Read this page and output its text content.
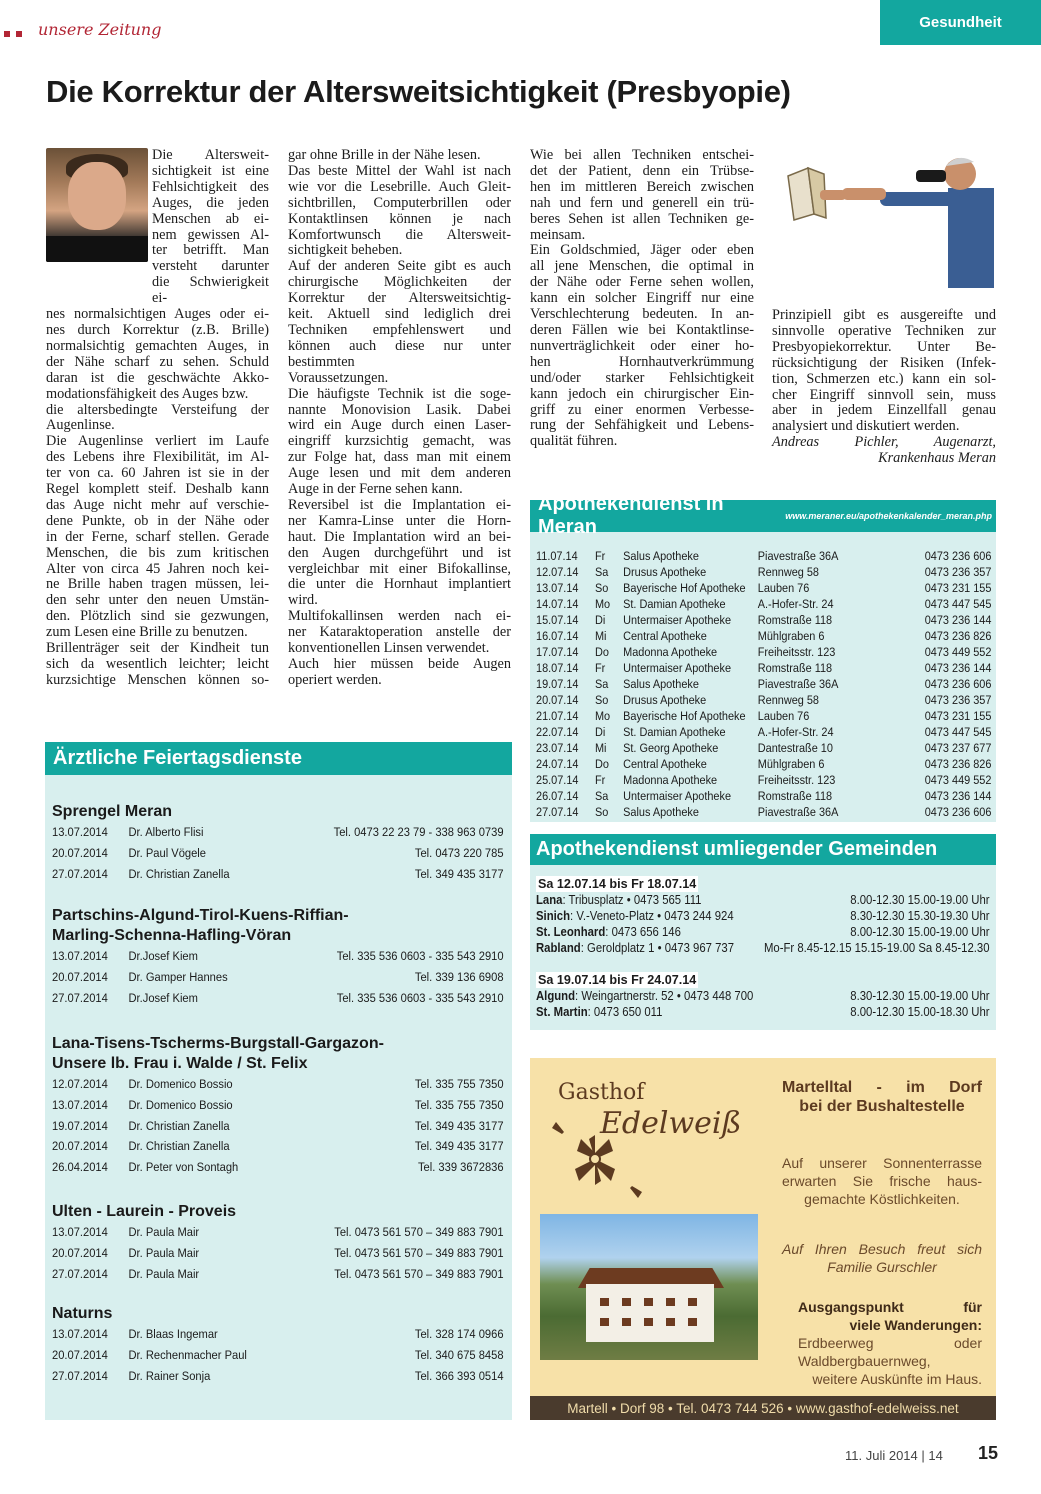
unsere Zeitung	Gesundheit
Die Korrektur der Altersweitsichtigkeit (Presbyopie)
Die Altersweit-
sichtigkeit ist eine
Fehlsichtigkeit des
Auges, die jeden
Menschen ab ei-
nem gewissen Al-
ter betrifft. Man
versteht darunter
die Schwierigkeit ei-
nes normalsichtigen Auges oder ei-
nes durch Korrektur (z.B. Brille)
normalsichtig gemachten Auges, in
der Nähe scharf zu sehen. Schuld
daran ist die geschwächte Akko-
modationsfähigkeit des Auges bzw.
die altersbedingte Versteifung der
Augenlinse.
Die Augenlinse verliert im Laufe
des Lebens ihre Flexibilität, im Al-
ter von ca. 60 Jahren ist sie in der
Regel komplett steif. Deshalb kann
das Auge nicht mehr auf verschie-
dene Punkte, ob in der Nähe oder
in der Ferne, scharf stellen. Gerade
Menschen, die bis zum kritischen
Alter von circa 45 Jahren noch kei-
ne Brille haben tragen müssen, lei-
den sehr unter den neuen Umstän-
den. Plötzlich sind sie gezwungen,
zum Lesen eine Brille zu benutzen.
Brillenträger seit der Kindheit tun
sich da wesentlich leichter; leicht
kurzsichtige Menschen können so-
gar ohne Brille in der Nähe lesen.
Das beste Mittel der Wahl ist nach
wie vor die Lesebrille. Auch Gleit-
sichtbrillen, Computerbrillen oder
Kontaktlinsen können je nach
Komfortwunsch die Altersweit-
sichtigkeit beheben.
Auf der anderen Seite gibt es auch
chirurgische Möglichkeiten der
Korrektur der Altersweitsichtig-
keit. Aktuell sind lediglich drei
Techniken empfehlenswert und
können auch diese nur unter bestimmten
Voraussetzungen.
Die häufigste Technik ist die soge-
nannte Monovision Lasik. Dabei
wird ein Auge durch einen Laser-
eingriff kurzsichtig gemacht, was
zur Folge hat, dass man mit einem
Auge lesen und mit dem anderen
Auge in der Ferne sehen kann.
Reversibel ist die Implantation ei-
ner Kamra-Linse unter die Horn-
haut. Die Implantation wird an bei-
den Augen durchgeführt und ist
vergleichbar mit einer Bifokallinse,
die unter die Hornhaut implantiert
wird.
Multifokallinsen werden nach ei-
ner Kataraktoperation anstelle der
konventionellen Linsen verwendet.
Auch hier müssen beide Augen
operiert werden.
Wie bei allen Techniken entschei-
det der Patient, denn ein Trübse-
hen im mittleren Bereich zwischen
nah und fern und generell ein trü-
beres Sehen ist allen Techniken ge-
meinsam.
Ein Goldschmied, Jäger oder eben
all jene Menschen, die optimal in
der Nähe oder Ferne sehen wollen,
kann ein solcher Eingriff nur eine
Verschlechterung bedeuten. In an-
deren Fällen wie bei Kontaktlinse-
nunverträglichkeit oder einer ho-
hen Hornhautverkrümmung
und/oder starker Fehlsichtigkeit
kann jedoch ein chirurgischer Ein-
griff zu einer enormen Verbesse-
rung der Sehfähigkeit und Lebens-
qualität führen.
Prinzipiell gibt es ausgereifte und
sinnvolle operative Techniken zur
Presbyopiekorrektur. Unter Be-
rücksichtigung der Risiken (Infek-
tion, Schmerzen etc.) kann ein sol-
cher Eingriff sinnvoll sein, muss
aber in jedem Einzellfall genau
analysiert und diskutiert werden.
Andreas Pichler, Augenarzt,
Krankenhaus Meran
Ärztliche Feiertagsdienste
Sprengel Meran
13.07.2014	Dr. Alberto Flisi	Tel. 0473 22 23 79 - 338 963 0739
20.07.2014	Dr. Paul Vögele	Tel. 0473 220 785
27.07.2014	Dr. Christian Zanella	Tel. 349 435 3177
Partschins-Algund-Tirol-Kuens-Riffian-
Marling-Schenna-Hafling-Vöran
13.07.2014	Dr.Josef Kiem	Tel. 335 536 0603 - 335 543 2910
20.07.2014	Dr. Gamper Hannes	Tel. 339 136 6908
27.07.2014	Dr.Josef Kiem	Tel. 335 536 0603 - 335 543 2910
Lana-Tisens-Tscherms-Burgstall-Gargazon-
Unsere lb. Frau i. Walde / St. Felix
12.07.2014	Dr. Domenico Bossio	Tel. 335 755 7350
13.07.2014	Dr. Domenico Bossio	Tel. 335 755 7350
19.07.2014	Dr. Christian Zanella	Tel. 349 435 3177
20.07.2014	Dr. Christian Zanella	Tel. 349 435 3177
26.04.2014	Dr. Peter von Sontagh	Tel. 339 3672836
Ulten - Laurein - Proveis
13.07.2014	Dr. Paula Mair	Tel. 0473 561 570 – 349 883 7901
20.07.2014	Dr. Paula Mair	Tel. 0473 561 570 – 349 883 7901
27.07.2014	Dr. Paula Mair	Tel. 0473 561 570 – 349 883 7901
Naturns
13.07.2014	Dr. Blaas Ingemar	Tel. 328 174 0966
20.07.2014	Dr. Rechenmacher Paul	Tel. 340 675 8458
27.07.2014	Dr. Rainer Sonja	Tel. 366 393 0514
Apothekendienst in Meran	www.meraner.eu/apothekenkalender_meran.php
11.07.14	Fr	Salus Apotheke	Piavestraße 36A	0473 236 606
12.07.14	Sa	Drusus Apotheke	Rennweg 58	0473 236 357
13.07.14	So	Bayerische Hof Apotheke Lauben 76	0473 231 155
14.07.14	Mo	St. Damian Apotheke	A.-Hofer-Str. 24	0473 447 545
15.07.14	Di	Untermaiser Apotheke	Romstraße 118	0473 236 144
16.07.14	Mi	Central Apotheke	Mühlgraben 6	0473 236 826
17.07.14	Do	Madonna Apotheke	Freiheitsstr. 123	0473 449 552
18.07.14	Fr	Untermaiser Apotheke	Romstraße 118	0473 236 144
19.07.14	Sa	Salus Apotheke	Piavestraße 36A	0473 236 606
20.07.14	So	Drusus Apotheke	Rennweg 58	0473 236 357
21.07.14	Mo	Bayerische Hof Apotheke Lauben 76	0473 231 155
22.07.14	Di	St. Damian Apotheke	A.-Hofer-Str. 24	0473 447 545
23.07.14	Mi	St. Georg Apotheke	Dantestraße 10	0473 237 677
24.07.14	Do	Central Apotheke	Mühlgraben 6	0473 236 826
25.07.14	Fr	Madonna Apotheke	Freiheitsstr. 123	0473 449 552
26.07.14	Sa	Untermaiser Apotheke	Romstraße 118	0473 236 144
27.07.14	So	Salus Apotheke	Piavestraße 36A	0473 236 606
Apothekendienst umliegender Gemeinden
Sa 12.07.14 bis Fr 18.07.14
Lana: Tribusplatz • 0473 565 111	8.00-12.30 15.00-19.00 Uhr
Sinich: V.-Veneto-Platz • 0473 244 924	8.30-12.30 15.30-19.30 Uhr
St. Leonhard: 0473 656 146	8.00-12.30 15.00-19.00 Uhr
Rabland: Geroldplatz 1 • 0473 967 737 Mo-Fr 8.45-12.15 15.15-19.00 Sa 8.45-12.30
Sa 19.07.14 bis Fr 24.07.14
Algund: Weingartnerstr. 52 • 0473 448 700	8.30-12.30 15.00-19.00 Uhr
St. Martin: 0473 650 011	8.00-12.30 15.00-18.30 Uhr
Gasthof
Edelweiß
Martelltal - im Dorf
bei der Bushaltestelle
Auf unserer Sonnenterrasse
erwarten Sie frische haus-
gemachte Köstlichkeiten.
Auf Ihren Besuch freut sich
Familie Gurschler
Ausgangspunkt für
viele Wanderungen:
Erdbeerweg oder
Waldbergbauernweg,
weitere Auskünfte im Haus.
Martell • Dorf 98 • Tel. 0473 744 526 • www.gasthof-edelweiss.net
11. Juli 2014 | 14 15
